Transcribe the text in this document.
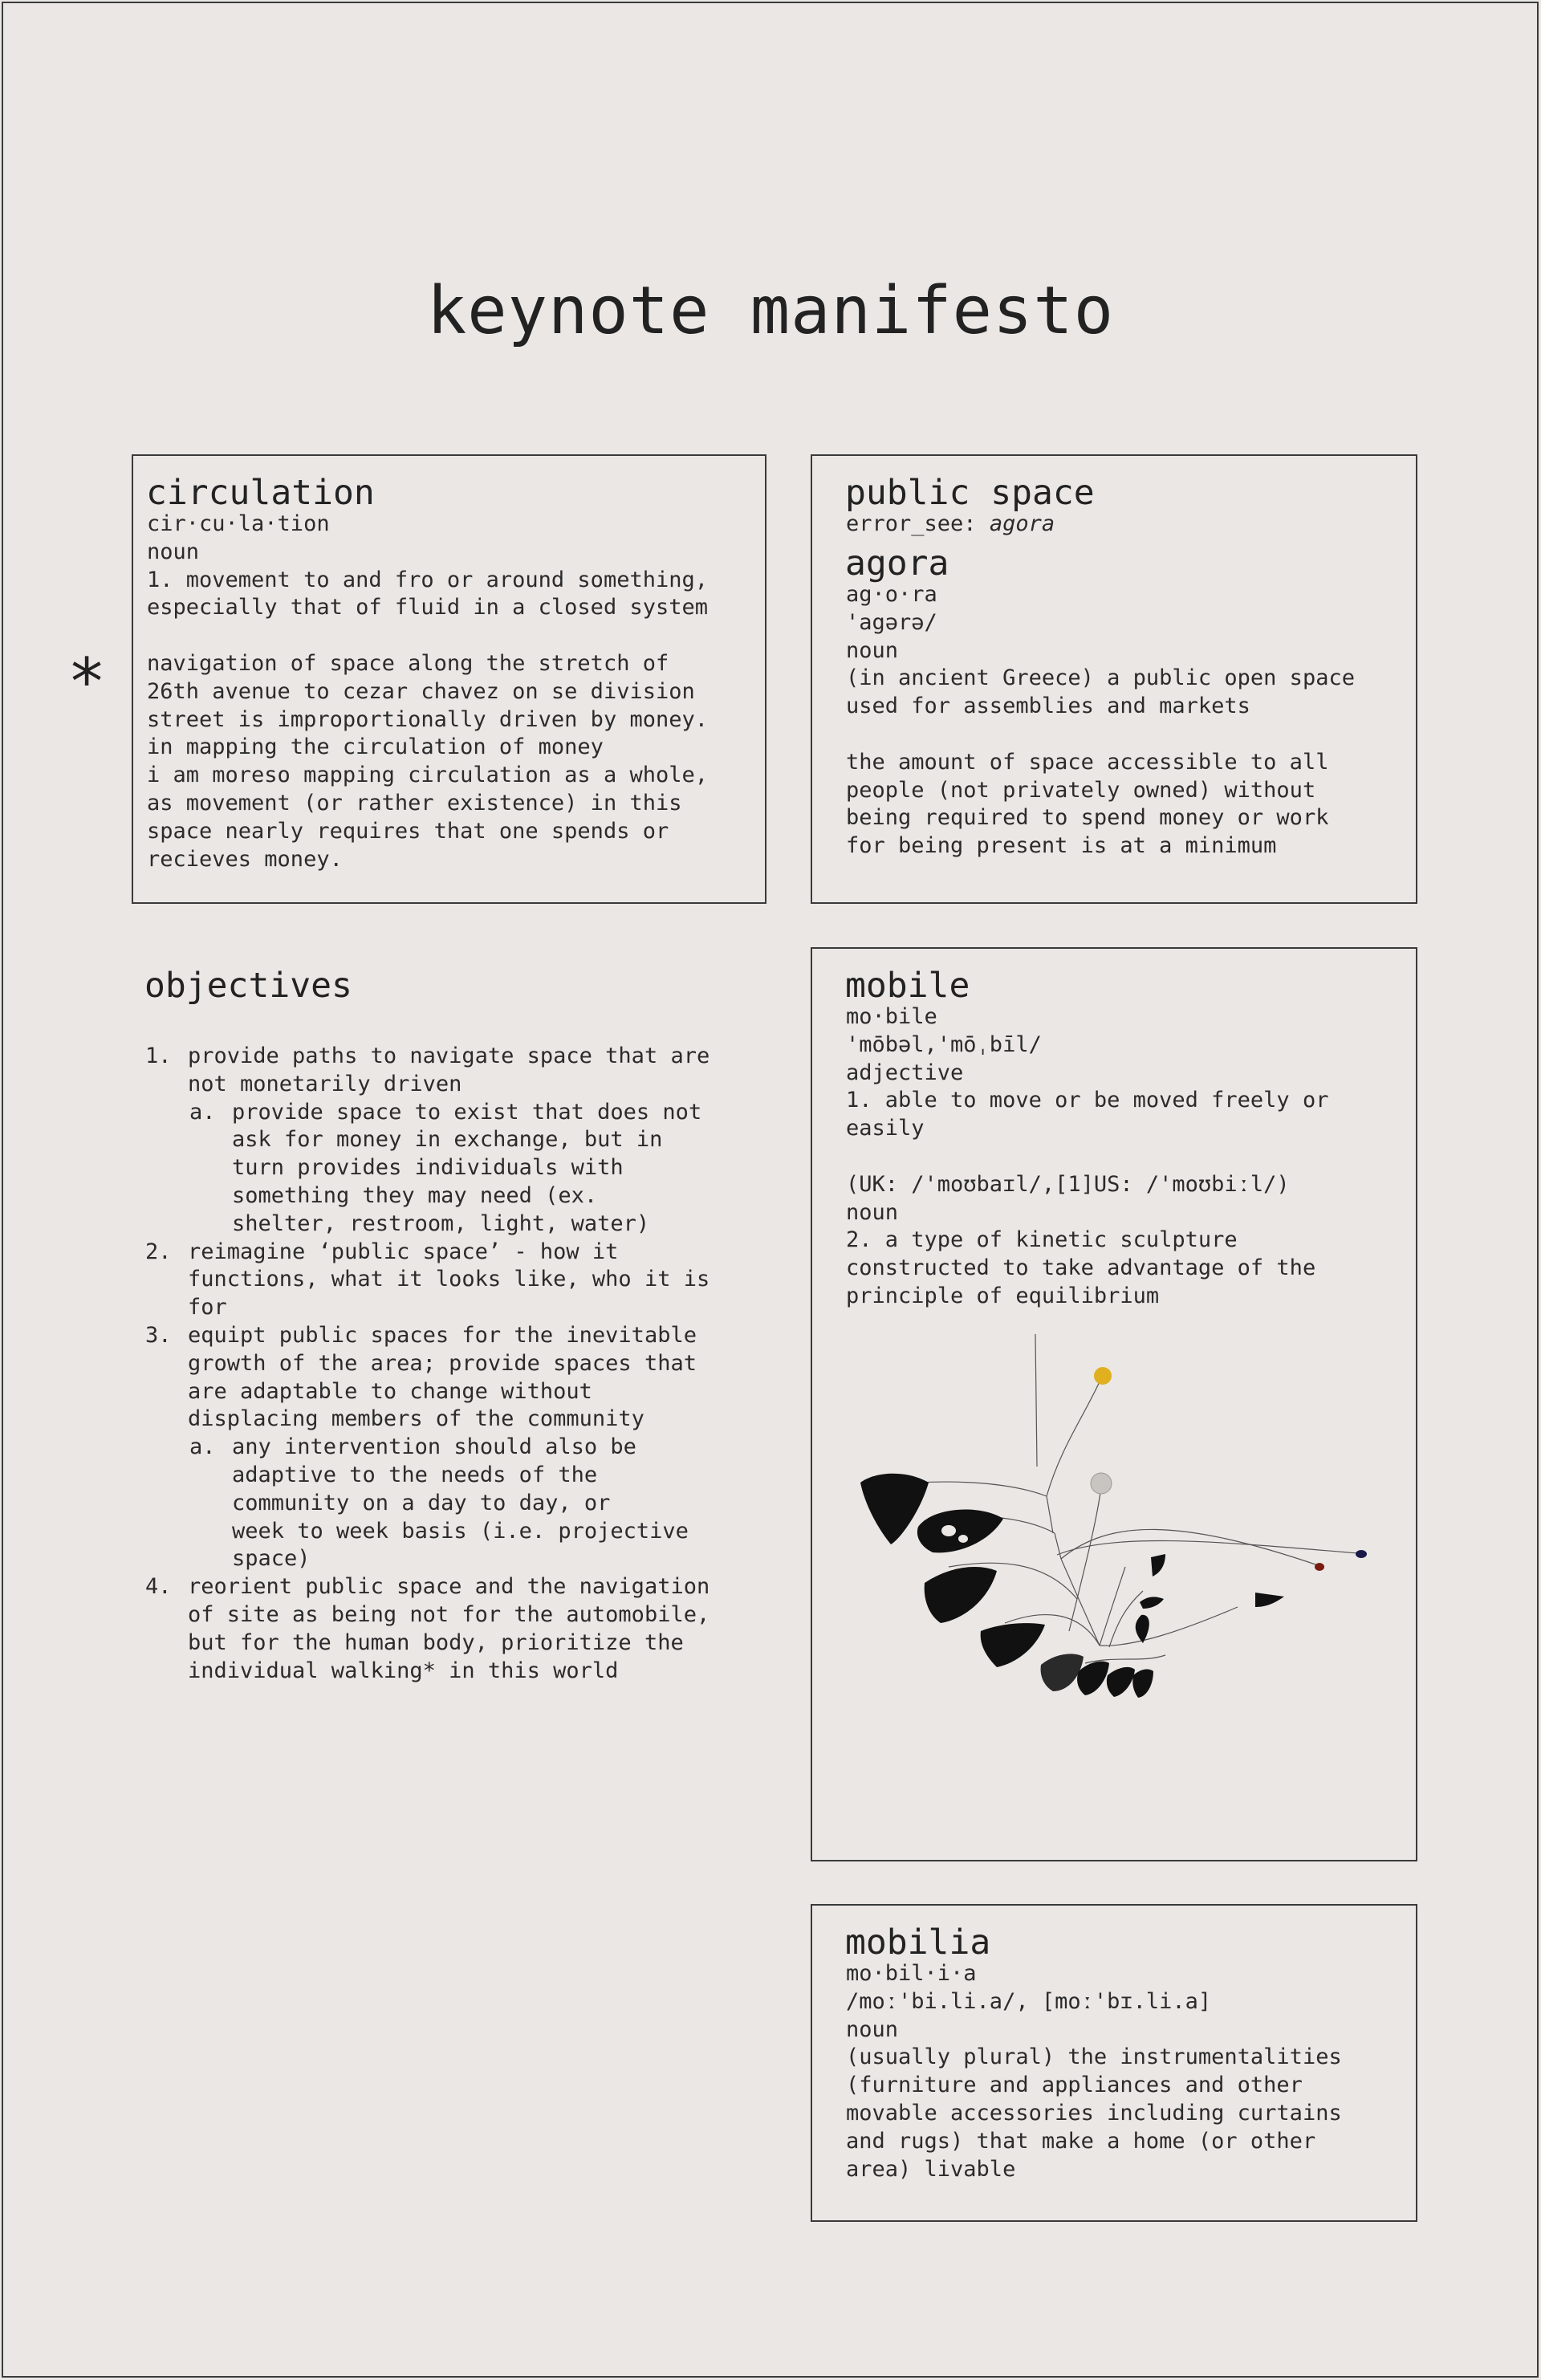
keynote manifesto
*
circulation
cir·cu·la·tion
noun
1. movement to and fro or around something,
especially that of fluid in a closed system

navigation of space along the stretch of
26th avenue to cezar chavez on se division
street is improportionally driven by money.
in mapping the circulation of money
i am moreso mapping circulation as a whole,
as movement (or rather existence) in this
space nearly requires that one spends or
recieves money.
public space
error_see: agora
agora
ag·o·ra
'agərə/
noun
(in ancient Greece) a public open space
used for assemblies and markets

the amount of space accessible to all
people (not privately owned) without
being required to spend money or work
for being present is at a minimum
objectives
1. provide paths to navigate space that are
not monetarily driven
a. provide space to exist that does not
ask for money in exchange, but in
turn provides individuals with
something they may need (ex.
shelter, restroom, light, water)
2. reimagine ‘public space’ - how it
functions, what it looks like, who it is
for
3. equipt public spaces for the inevitable
growth of the area; provide spaces that
are adaptable to change without
displacing members of the community
a. any intervention should also be
adaptive to the needs of the
community on a day to day, or
week to week basis (i.e. projective
space)
4. reorient public space and the navigation
of site as being not for the automobile,
but for the human body, prioritize the
individual walking* in this world
mobile
mo·bile
'mōbəl,'mōˌbīl/
adjective
1. able to move or be moved freely or
easily

(UK: /'moʊbaɪl/,[1]US: /'moʊbiːl/)
noun
2. a type of kinetic sculpture
constructed to take advantage of the
principle of equilibrium
mobilia
mo·bil·i·a
/moː'bi.li.a/, [moː'bɪ.li.a]
noun
(usually plural) the instrumentalities
(furniture and appliances and other
movable accessories including curtains
and rugs) that make a home (or other
area) livable
